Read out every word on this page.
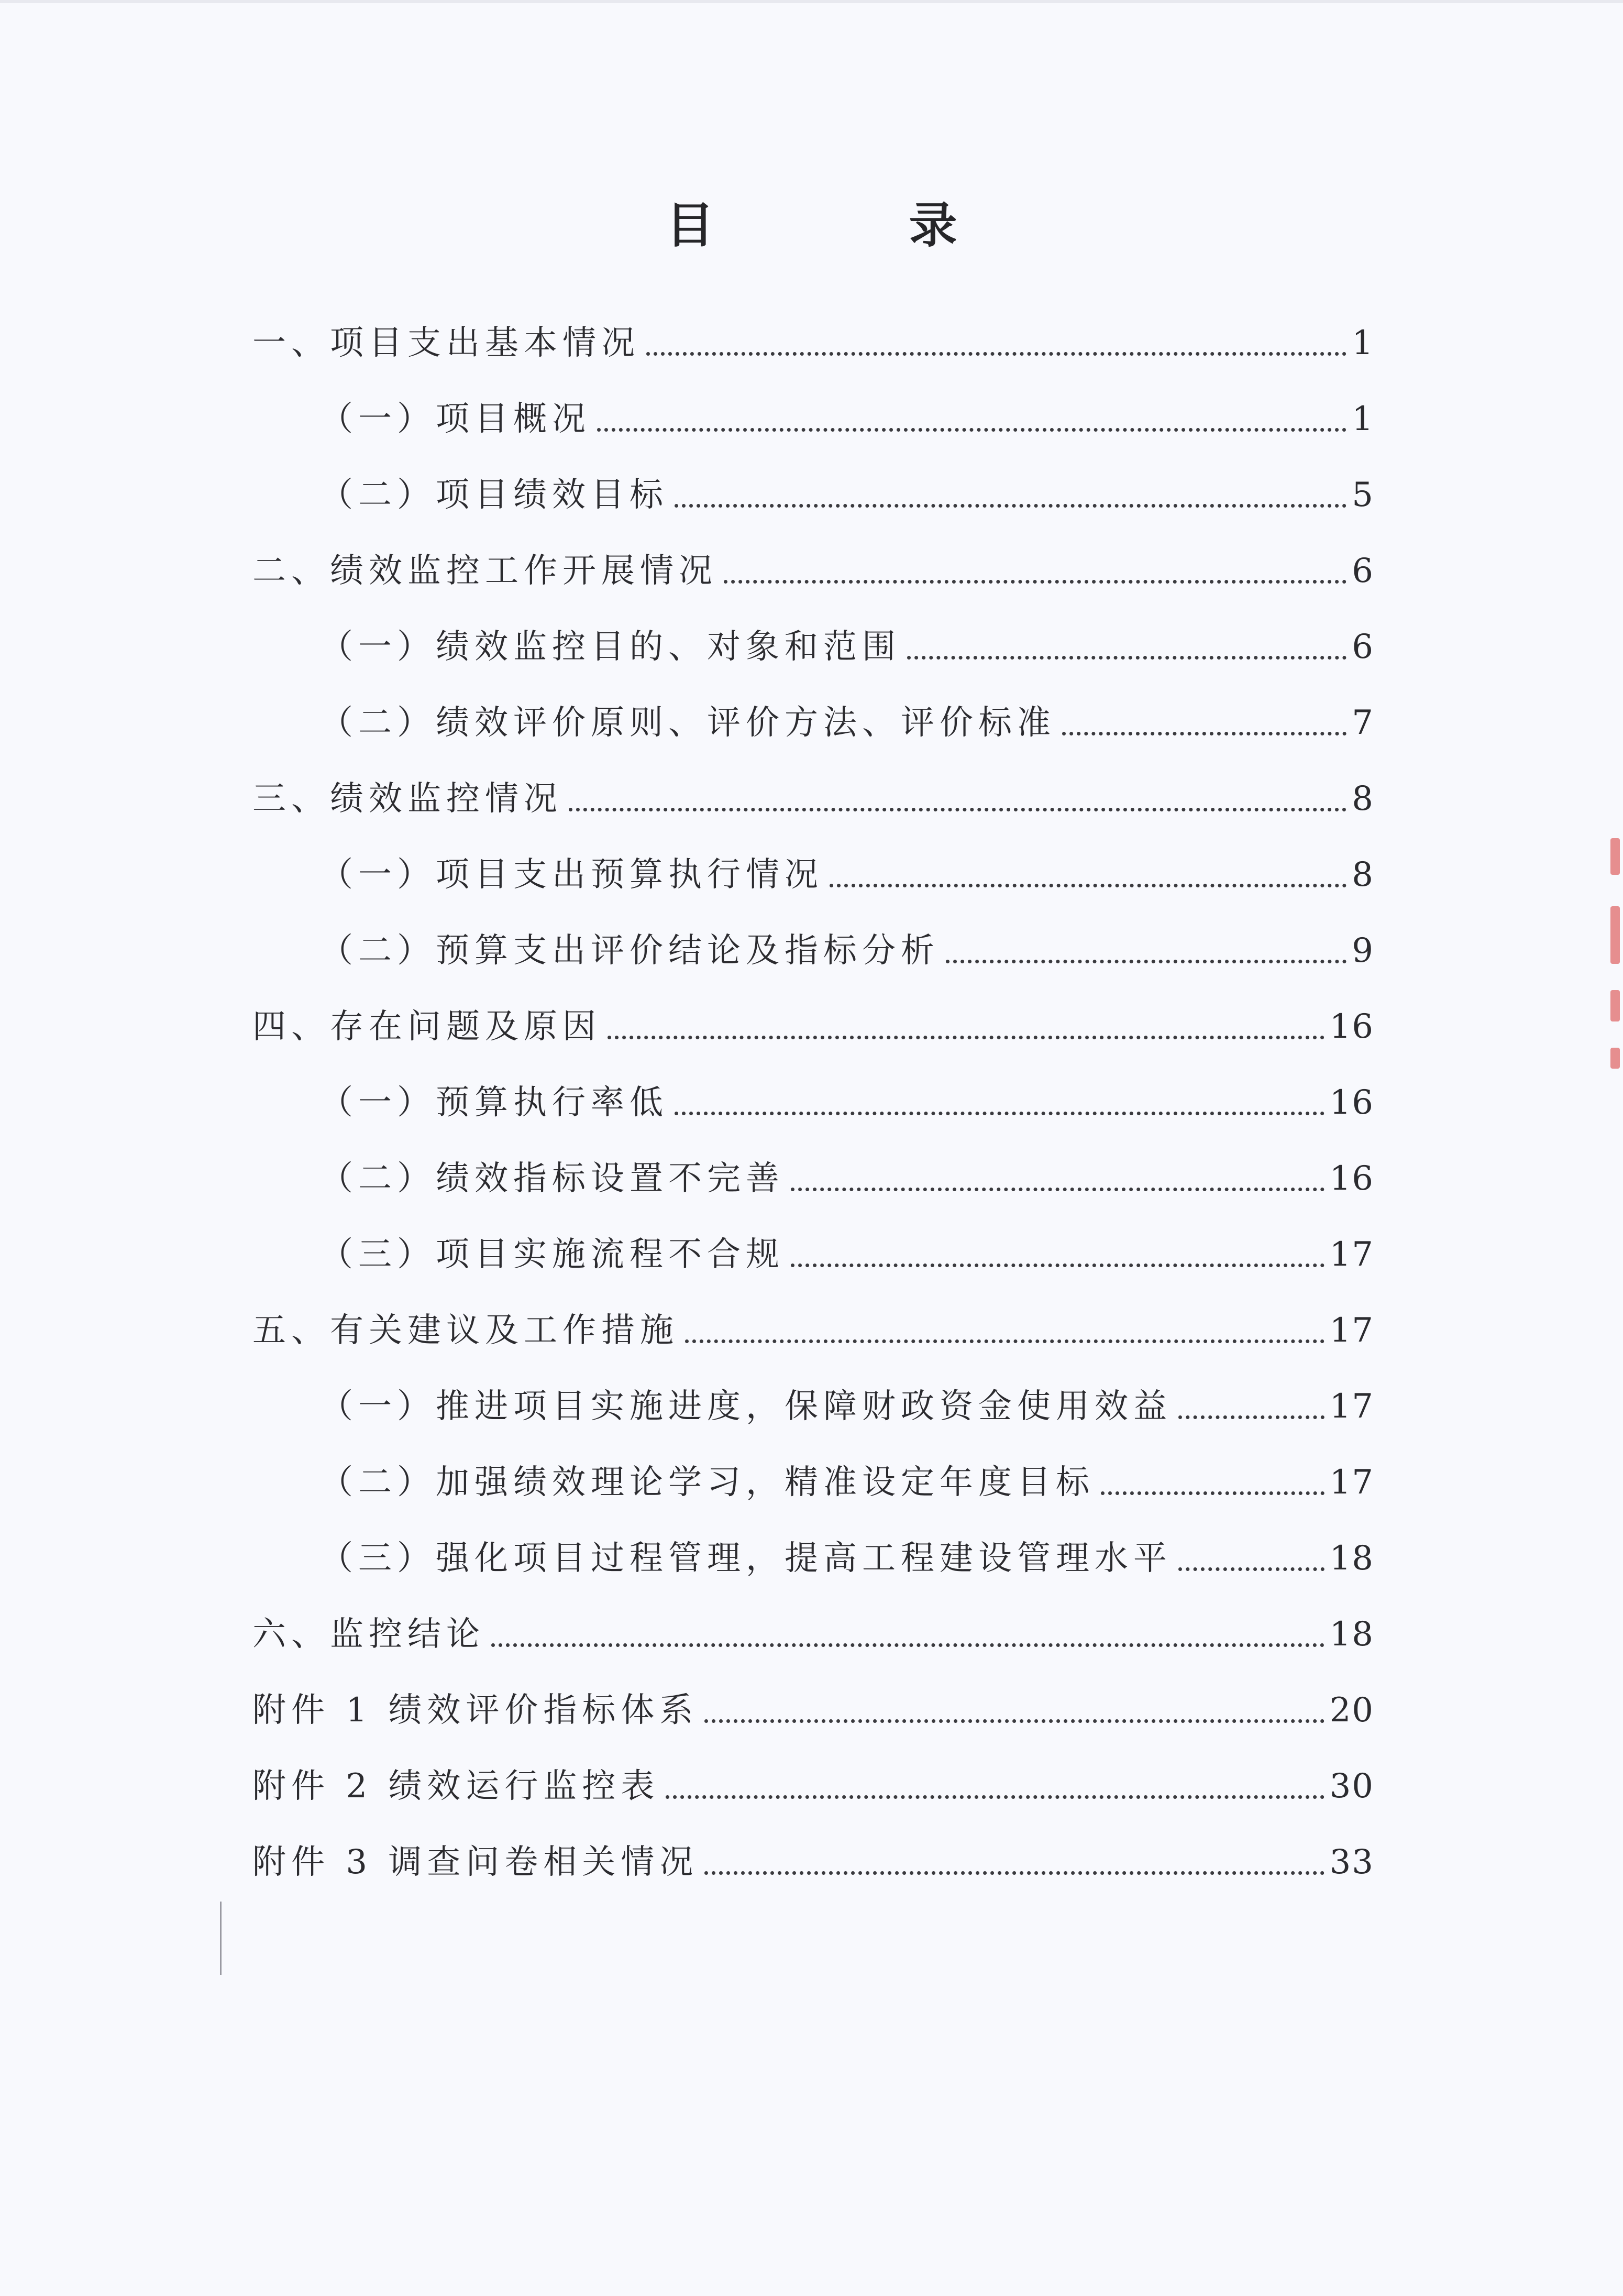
目 录
一、项目支出基本情况	1
（一）项目概况	1
（二）项目绩效目标	5
二、绩效监控工作开展情况	6
（一）绩效监控目的、对象和范围	6
（二）绩效评价原则、评价方法、评价标准	7
三、绩效监控情况	8
（一）项目支出预算执行情况	8
（二）预算支出评价结论及指标分析	9
四、存在问题及原因	16
（一）预算执行率低	16
（二）绩效指标设置不完善	16
（三）项目实施流程不合规	17
五、有关建议及工作措施	17
（一）推进项目实施进度，保障财政资金使用效益	17
（二）加强绩效理论学习，精准设定年度目标	17
（三）强化项目过程管理，提高工程建设管理水平	18
六、监控结论	18
附件 1 绩效评价指标体系	20
附件 2 绩效运行监控表	30
附件 3 调查问卷相关情况	33
